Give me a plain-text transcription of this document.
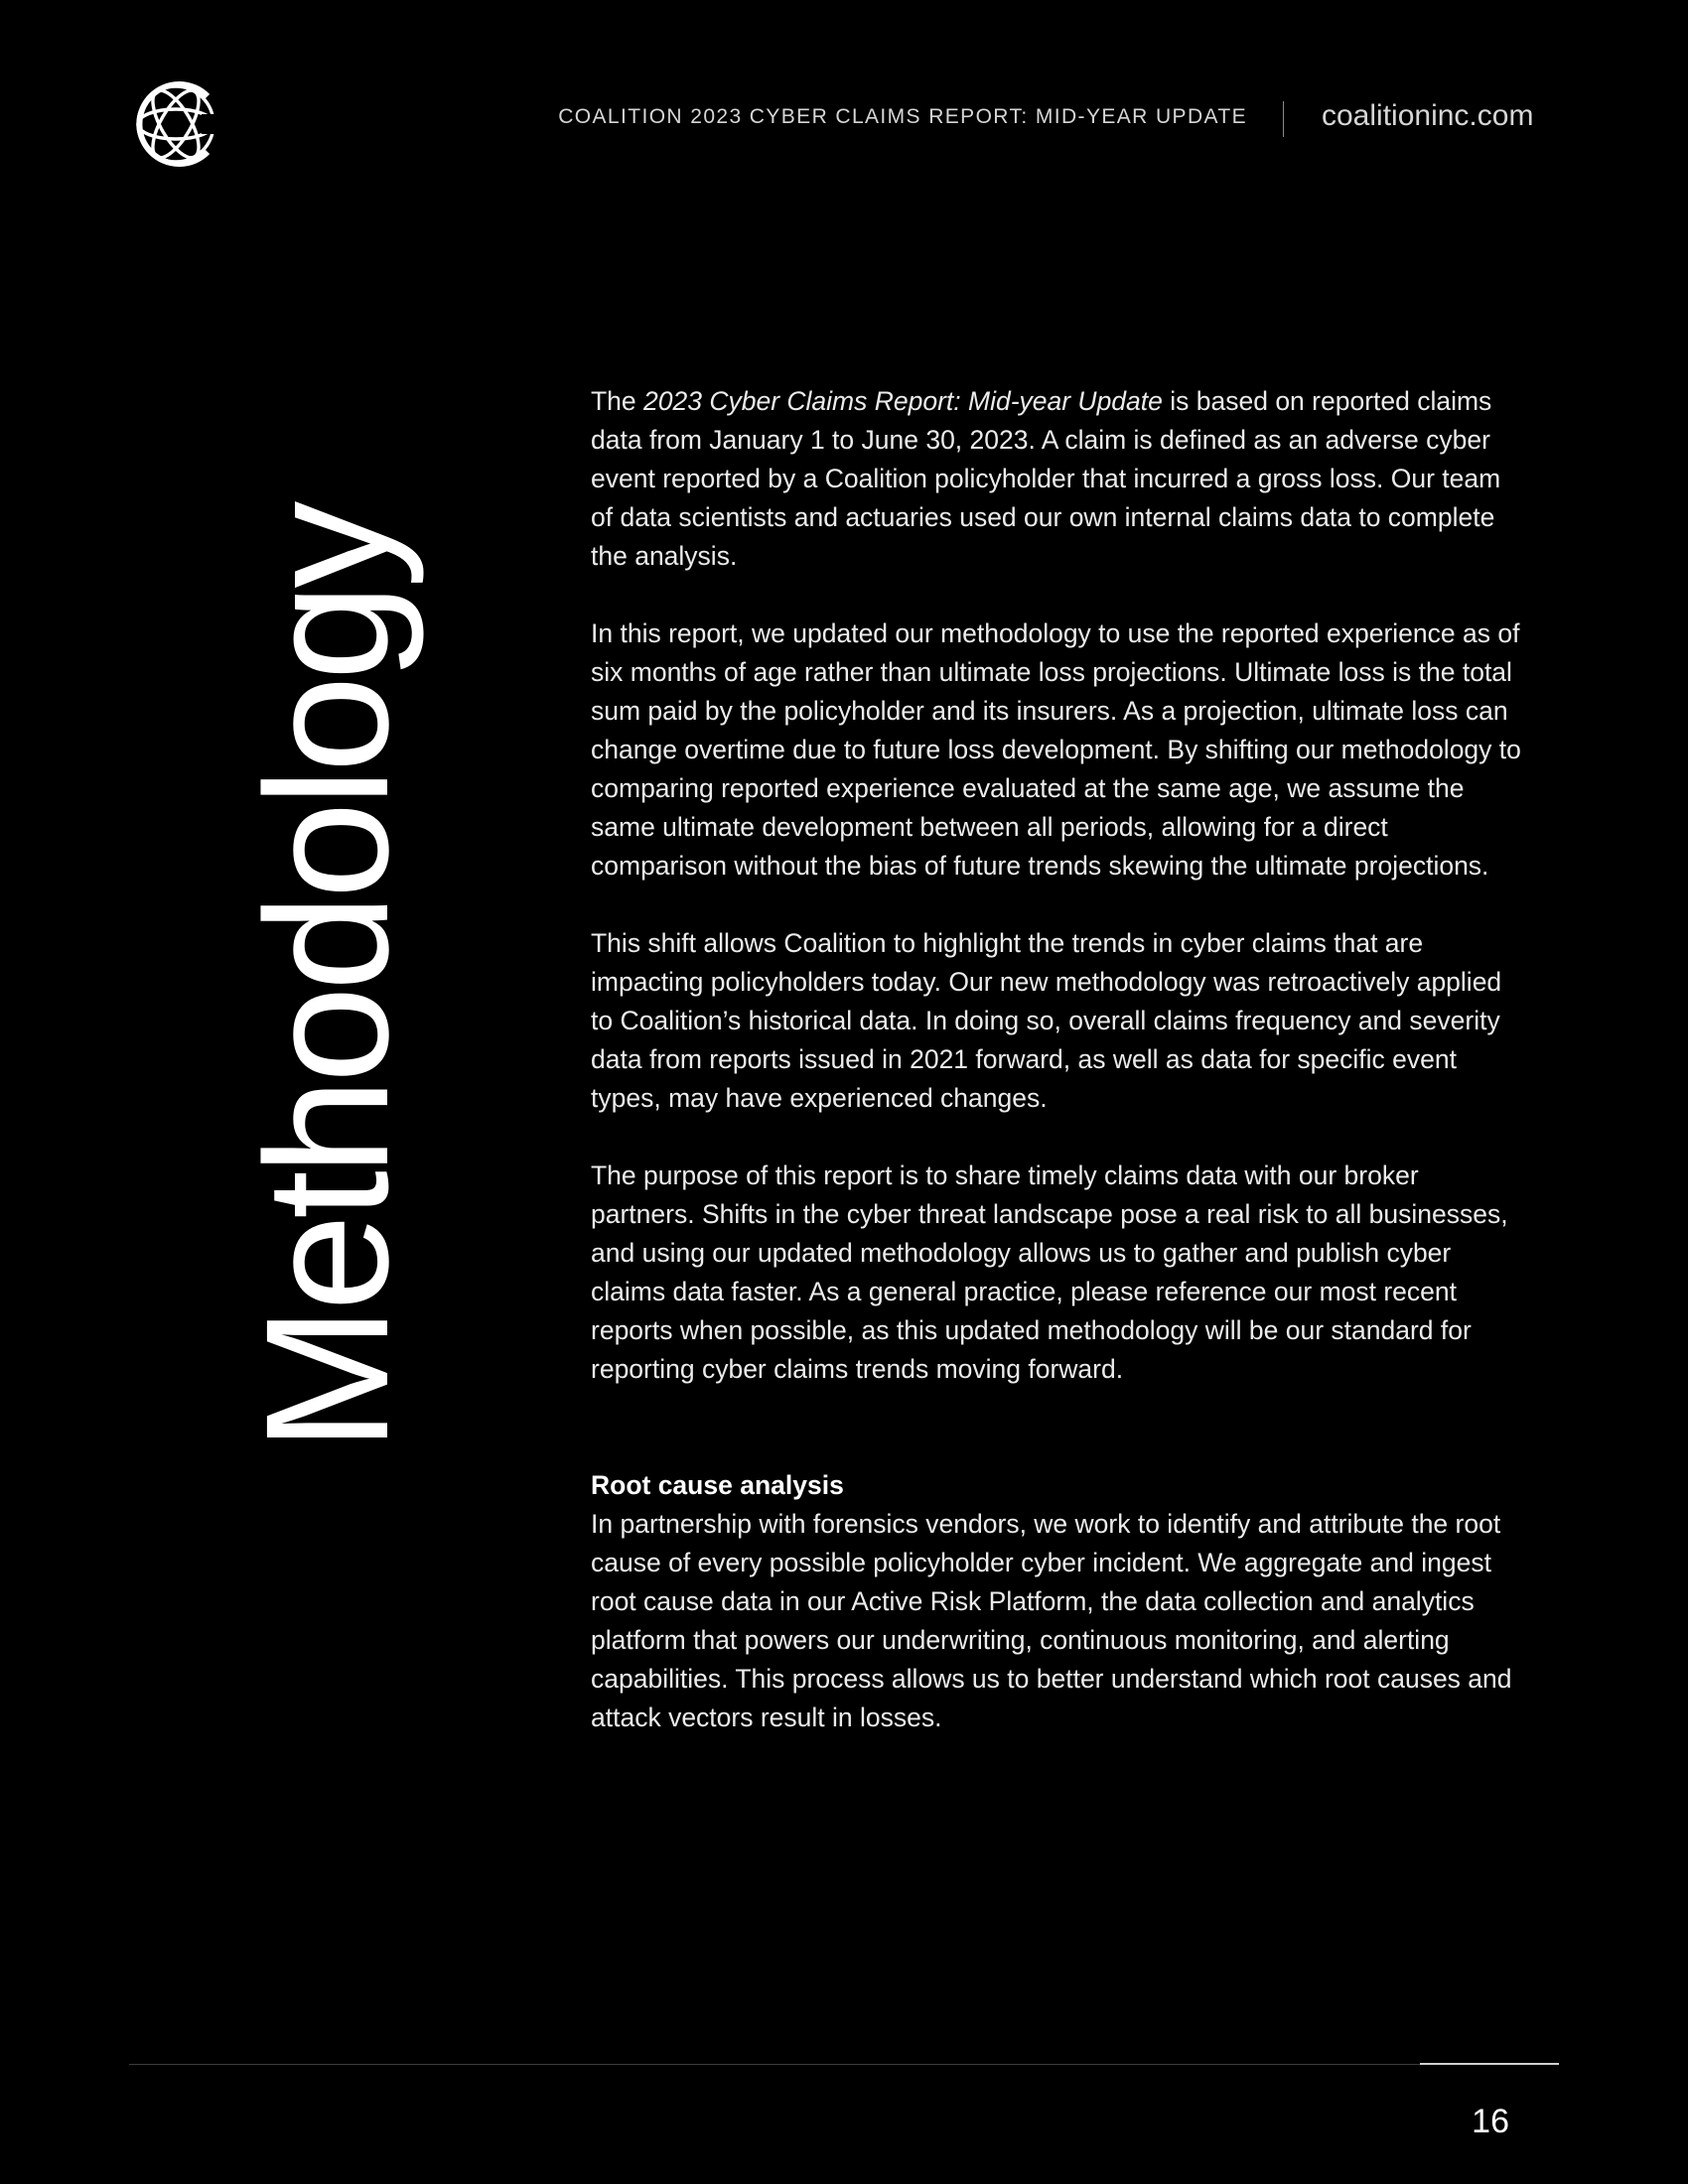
COALITION 2023 CYBER CLAIMS REPORT: MID-YEAR UPDATE	coalitioninc.com
Methodology

The 2023 Cyber Claims Report: Mid-year Update is based on reported claims data from January 1 to June 30, 2023. A claim is defined as an adverse cyber event reported by a Coalition policyholder that incurred a gross loss. Our team of data scientists and actuaries used our own internal claims data to complete the analysis.

In this report, we updated our methodology to use the reported experience as of six months of age rather than ultimate loss projections. Ultimate loss is the total sum paid by the policyholder and its insurers. As a projection, ultimate loss can change overtime due to future loss development. By shifting our methodology to comparing reported experience evaluated at the same age, we assume the same ultimate development between all periods, allowing for a direct comparison without the bias of future trends skewing the ultimate projections.

This shift allows Coalition to highlight the trends in cyber claims that are impacting policyholders today. Our new methodology was retroactively applied to Coalition’s historical data. In doing so, overall claims frequency and severity data from reports issued in 2021 forward, as well as data for specific event types, may have experienced changes.

The purpose of this report is to share timely claims data with our broker partners. Shifts in the cyber threat landscape pose a real risk to all businesses, and using our updated methodology allows us to gather and publish cyber claims data faster. As a general practice, please reference our most recent reports when possible, as this updated methodology will be our standard for reporting cyber claims trends moving forward.

Root cause analysis

In partnership with forensics vendors, we work to identify and attribute the root cause of every possible policyholder cyber incident. We aggregate and ingest root cause data in our Active Risk Platform, the data collection and analytics platform that powers our underwriting, continuous monitoring, and alerting capabilities. This process allows us to better understand which root causes and attack vectors result in losses.

16
